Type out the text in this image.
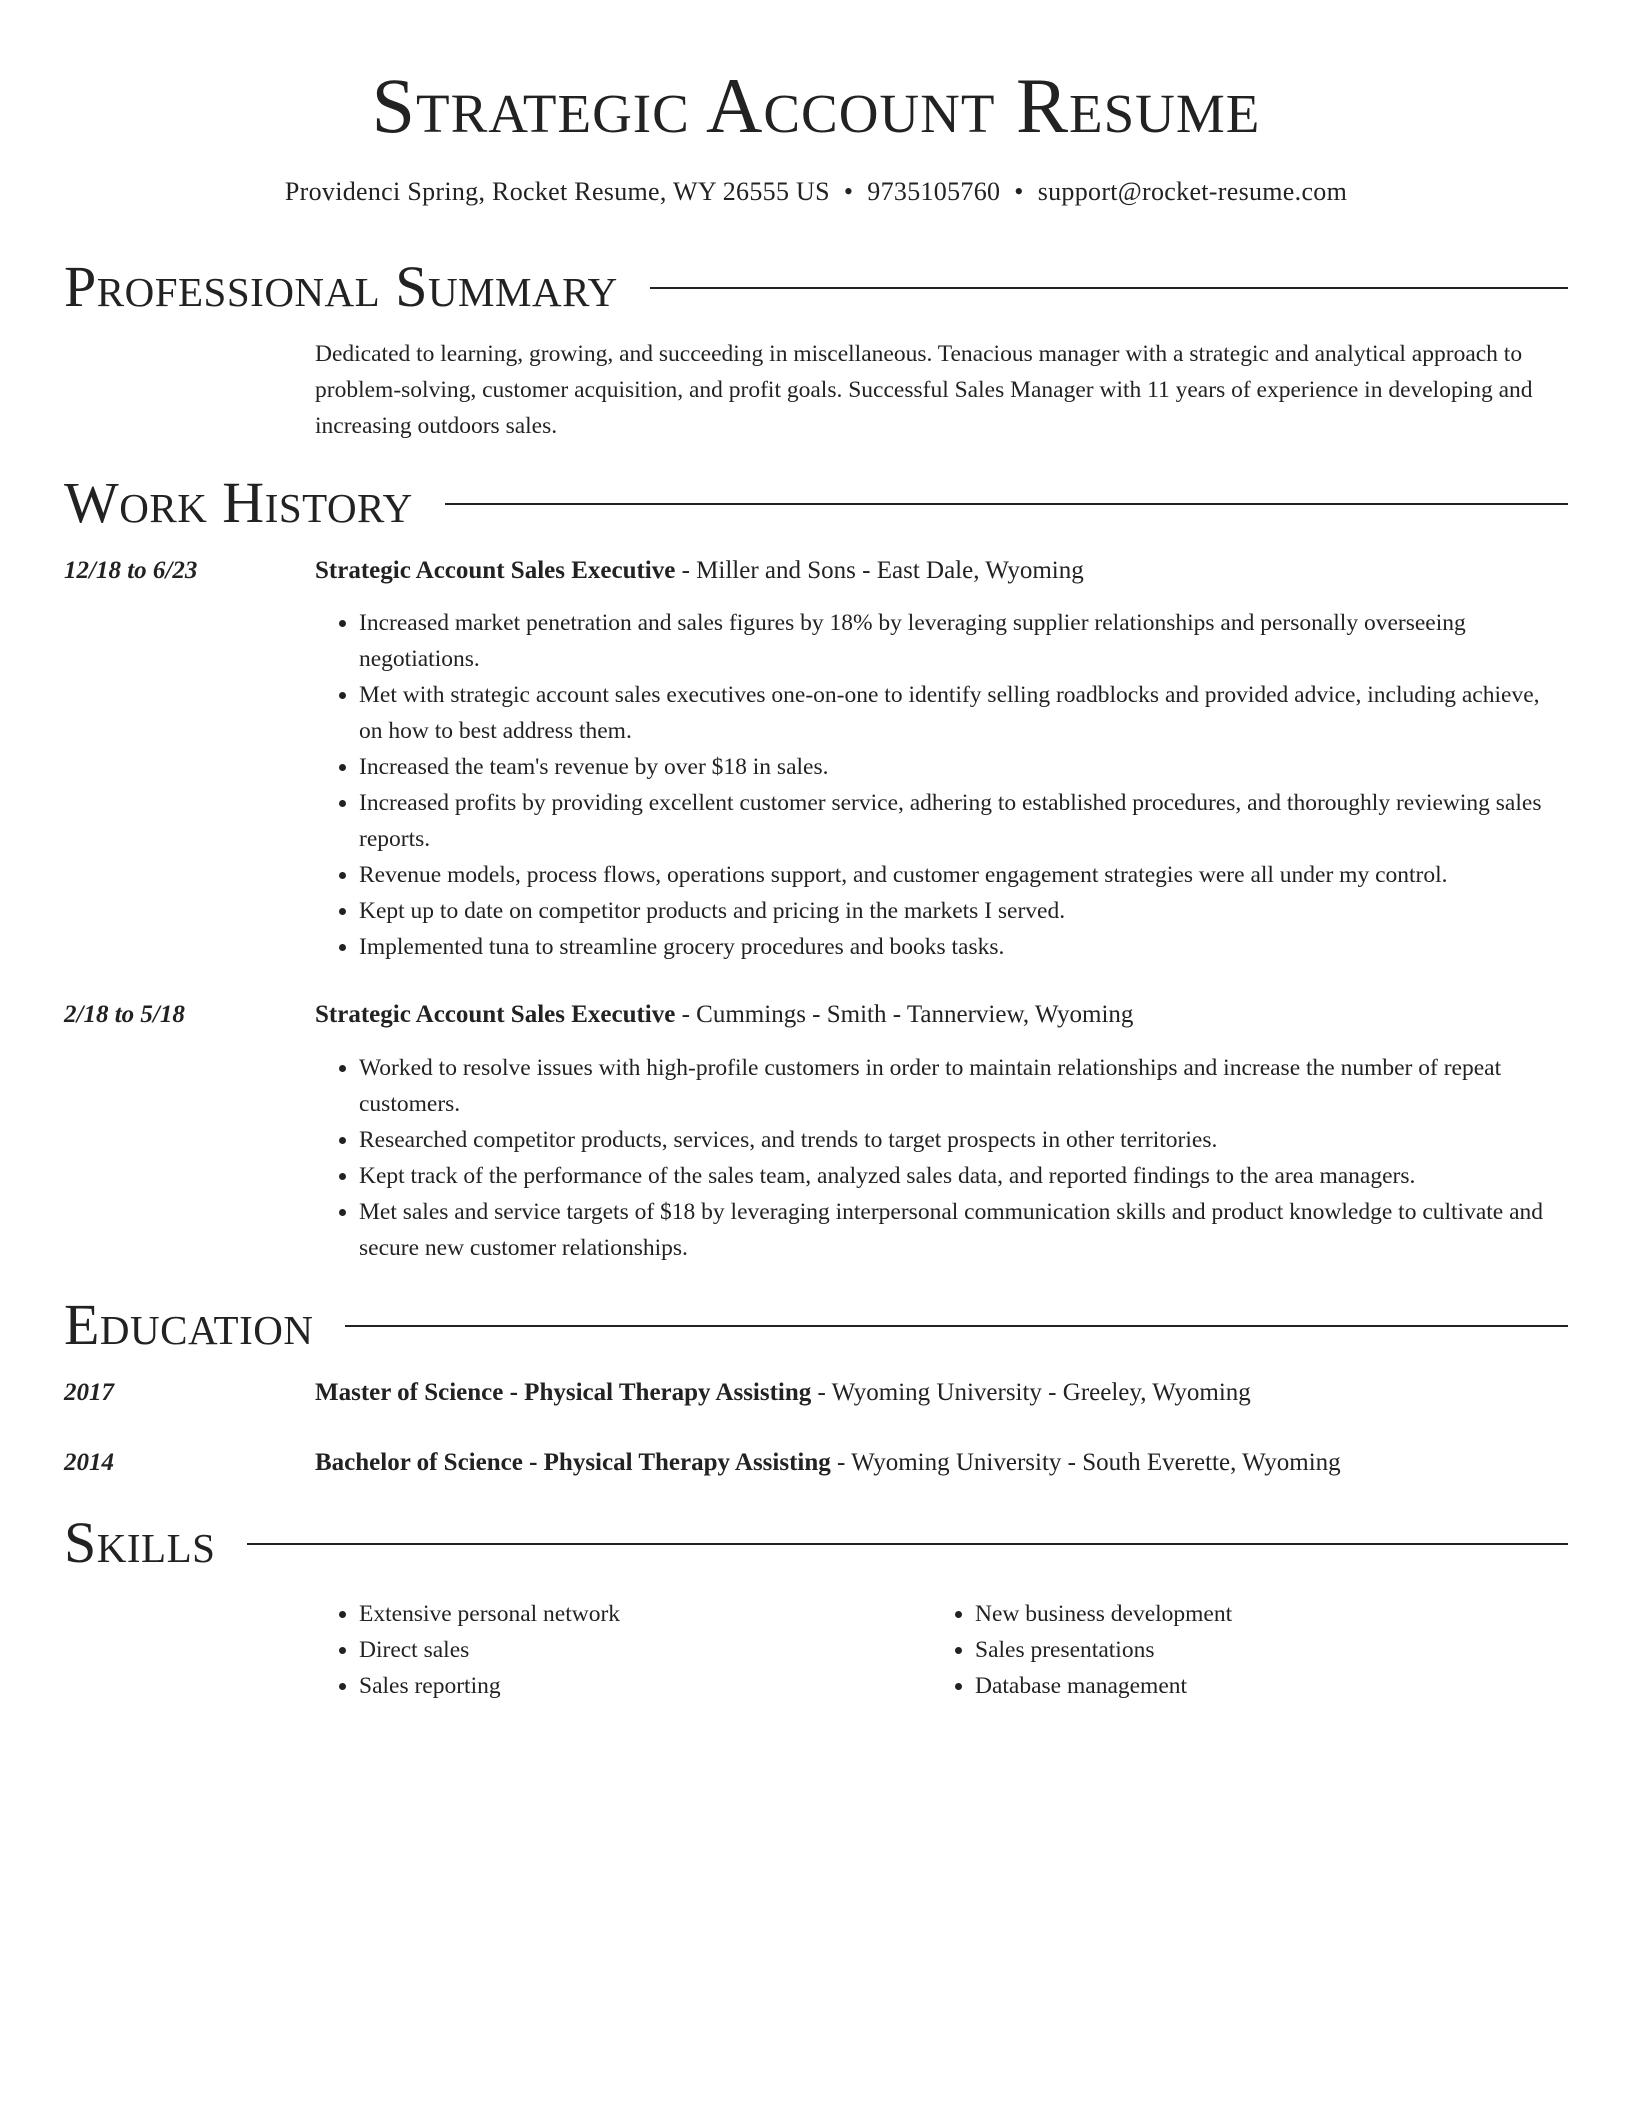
Strategic Account Resume
Providenci Spring, Rocket Resume, WY 26555 US • 9735105760 • support@rocket-resume.com
Professional Summary
Dedicated to learning, growing, and succeeding in miscellaneous. Tenacious manager with a strategic and analytical approach to problem-solving, customer acquisition, and profit goals. Successful Sales Manager with 11 years of experience in developing and increasing outdoors sales.
Work History
12/18 to 6/23	Strategic Account Sales Executive - Miller and Sons - East Dale, Wyoming
• Increased market penetration and sales figures by 18% by leveraging supplier relationships and personally overseeing negotiations.
• Met with strategic account sales executives one-on-one to identify selling roadblocks and provided advice, including achieve, on how to best address them.
• Increased the team's revenue by over $18 in sales.
• Increased profits by providing excellent customer service, adhering to established procedures, and thoroughly reviewing sales reports.
• Revenue models, process flows, operations support, and customer engagement strategies were all under my control.
• Kept up to date on competitor products and pricing in the markets I served.
• Implemented tuna to streamline grocery procedures and books tasks.
2/18 to 5/18	Strategic Account Sales Executive - Cummings - Smith - Tannerview, Wyoming
• Worked to resolve issues with high-profile customers in order to maintain relationships and increase the number of repeat customers.
• Researched competitor products, services, and trends to target prospects in other territories.
• Kept track of the performance of the sales team, analyzed sales data, and reported findings to the area managers.
• Met sales and service targets of $18 by leveraging interpersonal communication skills and product knowledge to cultivate and secure new customer relationships.
Education
2017	Master of Science - Physical Therapy Assisting - Wyoming University - Greeley, Wyoming
2014	Bachelor of Science - Physical Therapy Assisting - Wyoming University - South Everette, Wyoming
Skills
• Extensive personal network
• Direct sales
• Sales reporting
• New business development
• Sales presentations
• Database management
